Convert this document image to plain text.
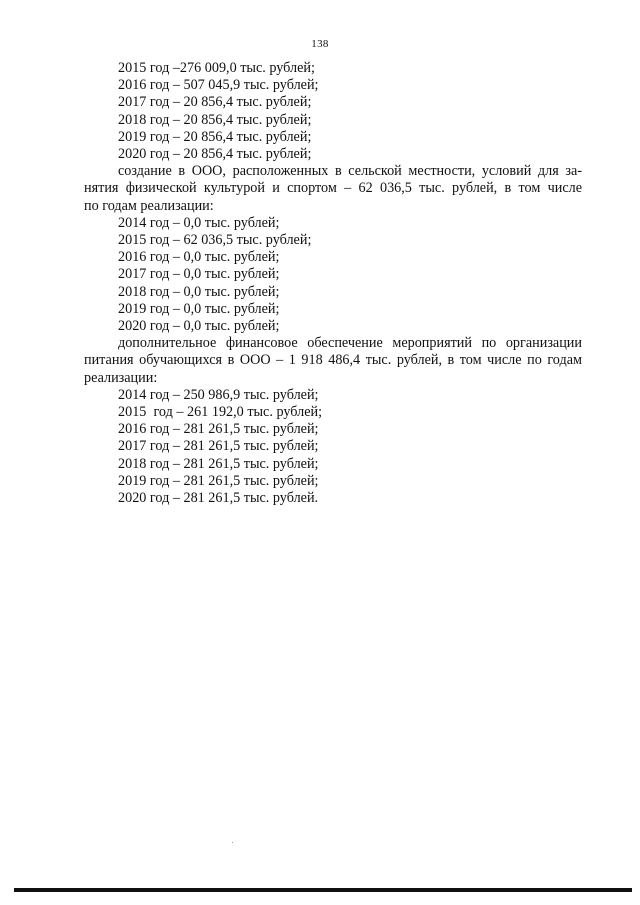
138
2015 год –276 009,0 тыс. рублей;
2016 год – 507 045,9 тыс. рублей;
2017 год – 20 856,4 тыс. рублей;
2018 год – 20 856,4 тыс. рублей;
2019 год – 20 856,4 тыс. рублей;
2020 год – 20 856,4 тыс. рублей;
создание в ООО, расположенных в сельской местности, условий для за-
нятия физической культурой и спортом – 62 036,5 тыс. рублей, в том числе
по годам реализации:
2014 год – 0,0 тыс. рублей;
2015 год – 62 036,5 тыс. рублей;
2016 год – 0,0 тыс. рублей;
2017 год – 0,0 тыс. рублей;
2018 год – 0,0 тыс. рублей;
2019 год – 0,0 тыс. рублей;
2020 год – 0,0 тыс. рублей;
дополнительное финансовое обеспечение мероприятий по организации
питания обучающихся в ООО – 1 918 486,4 тыс. рублей, в том числе по годам
реализации:
2014 год – 250 986,9 тыс. рублей;
2015  год – 261 192,0 тыс. рублей;
2016 год – 281 261,5 тыс. рублей;
2017 год – 281 261,5 тыс. рублей;
2018 год – 281 261,5 тыс. рублей;
2019 год – 281 261,5 тыс. рублей;
2020 год – 281 261,5 тыс. рублей.
